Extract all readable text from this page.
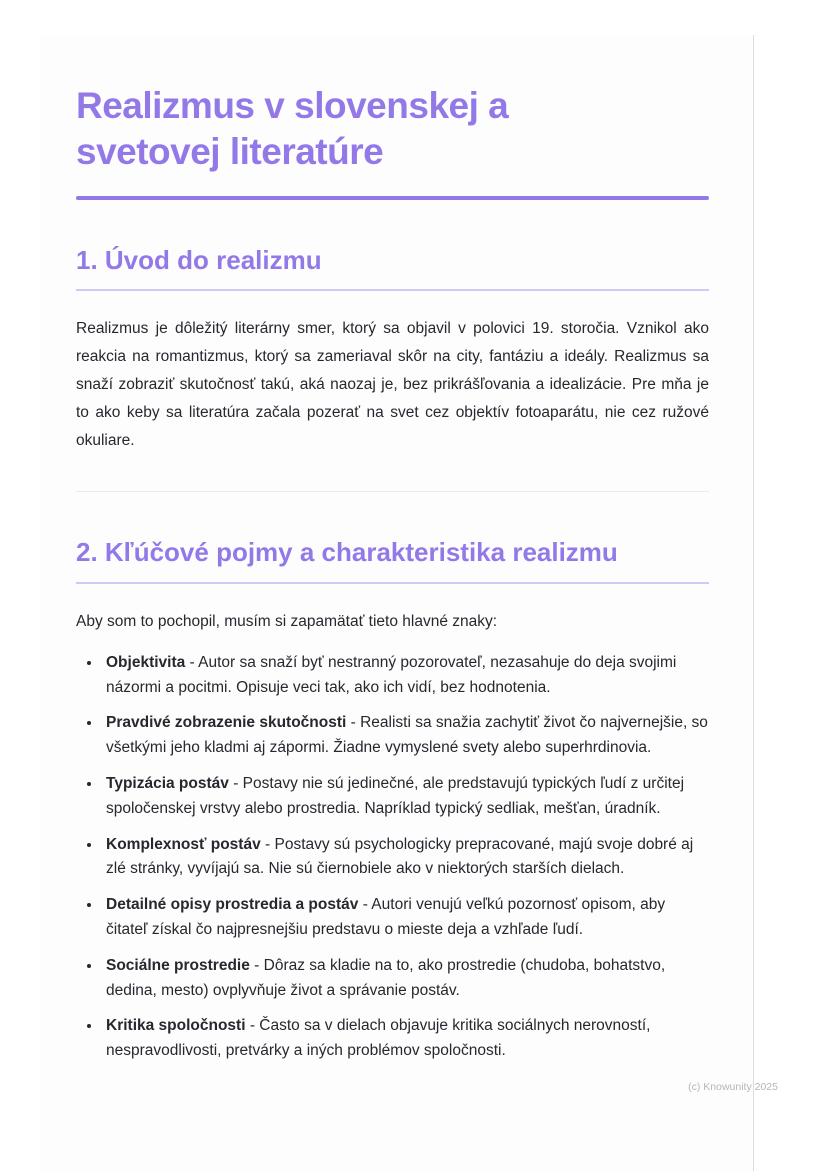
Realizmus v slovenskej a svetovej literatúre
1. Úvod do realizmu

Realizmus je dôležitý literárny smer, ktorý sa objavil v polovici 19. storočia. Vznikol ako reakcia na romantizmus, ktorý sa zameriaval skôr na city, fantáziu a ideály. Realizmus sa snaží zobraziť skutočnosť takú, aká naozaj je, bez prikrášľovania a idealizácie. Pre mňa je to ako keby sa literatúra začala pozerať na svet cez objektív fotoaparátu, nie cez ružové okuliare.

2. Kľúčové pojmy a charakteristika realizmu

Aby som to pochopil, musím si zapamätať tieto hlavné znaky:

• Objektivita - Autor sa snaží byť nestranný pozorovateľ, nezasahuje do deja svojimi názormi a pocitmi. Opisuje veci tak, ako ich vidí, bez hodnotenia.
• Pravdivé zobrazenie skutočnosti - Realisti sa snažia zachytiť život čo najvernejšie, so všetkými jeho kladmi aj zápormi. Žiadne vymyslené svety alebo superhrdinovia.
• Typizácia postáv - Postavy nie sú jedinečné, ale predstavujú typických ľudí z určitej spoločenskej vrstvy alebo prostredia. Napríklad typický sedliak, mešťan, úradník.
• Komplexnosť postáv - Postavy sú psychologicky prepracované, majú svoje dobré aj zlé stránky, vyvíjajú sa. Nie sú čiernobiele ako v niektorých starších dielach.
• Detailné opisy prostredia a postáv - Autori venujú veľkú pozornosť opisom, aby čitateľ získal čo najpresnejšiu predstavu o mieste deja a vzhľade ľudí.
• Sociálne prostredie - Dôraz sa kladie na to, ako prostredie (chudoba, bohatstvo, dedina, mesto) ovplyvňuje život a správanie postáv.
• Kritika spoločnosti - Často sa v dielach objavuje kritika sociálnych nerovností, nespravodlivosti, pretvárky a iných problémov spoločnosti.
(c) Knowunity 2025
